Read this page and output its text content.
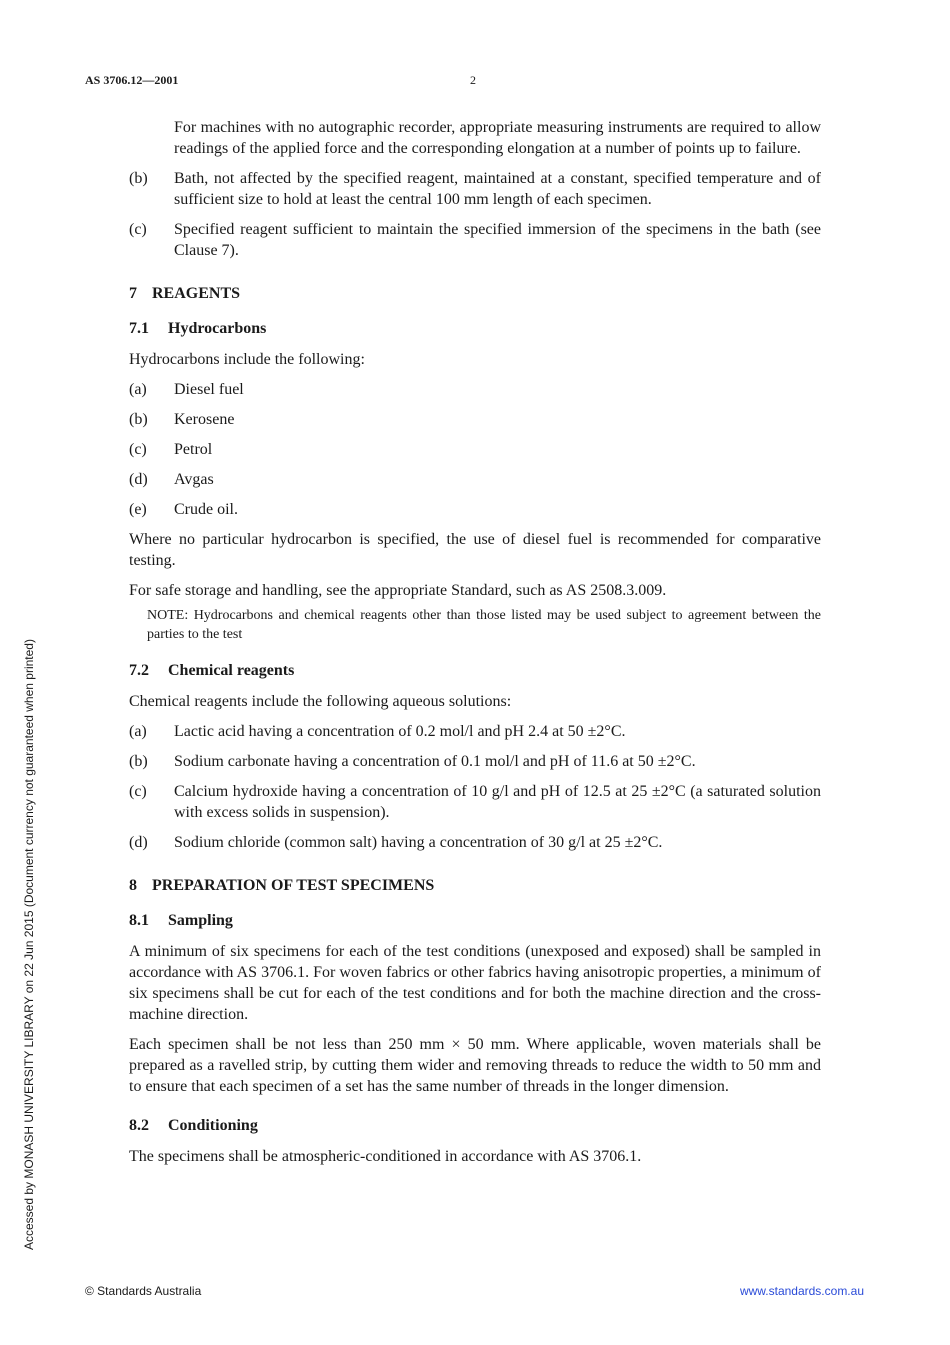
AS 3706.12—2001	2
Accessed by MONASH UNIVERSITY LIBRARY on 22 Jun 2015 (Document currency not guaranteed when printed)

For machines with no autographic recorder, appropriate measuring instruments are required to allow readings of the applied force and the corresponding elongation at a number of points up to failure.

(b)	Bath, not affected by the specified reagent, maintained at a constant, specified temperature and of sufficient size to hold at least the central 100 mm length of each specimen.
(c)	Specified reagent sufficient to maintain the specified immersion of the specimens in the bath (see Clause 7).
7 REAGENTS
7.1 Hydrocarbons

Hydrocarbons include the following:

(a)	Diesel fuel
(b)	Kerosene
(c)	Petrol
(d)	Avgas
(e)	Crude oil.

Where no particular hydrocarbon is specified, the use of diesel fuel is recommended for comparative testing.

For safe storage and handling, see the appropriate Standard, such as AS 2508.3.009.

NOTE: Hydrocarbons and chemical reagents other than those listed may be used subject to agreement between the parties to the test
7.2 Chemical reagents

Chemical reagents include the following aqueous solutions:

(a)	Lactic acid having a concentration of 0.2 mol/l and pH 2.4 at 50 ±2°C.
(b)	Sodium carbonate having a concentration of 0.1 mol/l and pH of 11.6 at 50 ±2°C.
(c)	Calcium hydroxide having a concentration of 10 g/l and pH of 12.5 at 25 ±2°C (a saturated solution with excess solids in suspension).
(d)	Sodium chloride (common salt) having a concentration of 30 g/l at 25 ±2°C.
8 PREPARATION OF TEST SPECIMENS
8.1 Sampling

A minimum of six specimens for each of the test conditions (unexposed and exposed) shall be sampled in accordance with AS 3706.1. For woven fabrics or other fabrics having anisotropic properties, a minimum of six specimens shall be cut for each of the test conditions and for both the machine direction and the cross-machine direction.

Each specimen shall be not less than 250 mm × 50 mm. Where applicable, woven materials shall be prepared as a ravelled strip, by cutting them wider and removing threads to reduce the width to 50 mm and to ensure that each specimen of a set has the same number of threads in the longer dimension.

8.2 Conditioning

The specimens shall be atmospheric-conditioned in accordance with AS 3706.1.

© Standards Australia	www.standards.com.au
